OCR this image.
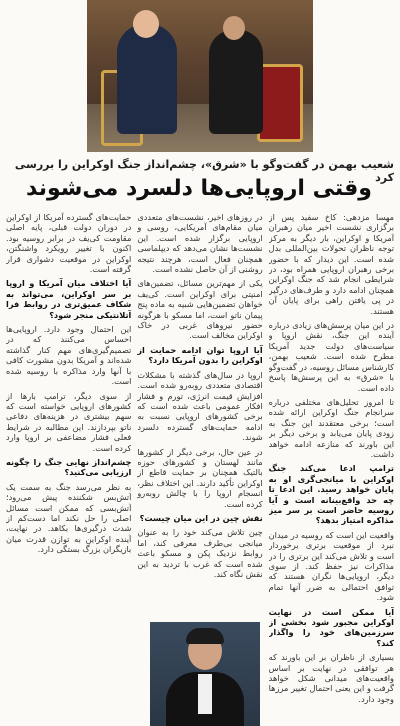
شعیب بهمن در گفت‌وگو با «شرق»، چشم‌انداز جنگ اوکراین را بررسی کرد
وقتی اروپایی‌ها دلسرد می‌شوند

مهسا مزدهی: کاخ سفید پس از برگزاری نشست اخیر میان رهبران آمریکا و اوکراین، بار دیگر به مرکز توجه ناظران تحولات بین‌المللی بدل شده است. این دیدار که با حضور برخی رهبران اروپایی همراه بود، در شرایطی انجام شد که جنگ اوکراین همچنان ادامه دارد و طرف‌های درگیر در پی یافتن راهی برای پایان آن هستند.

در این میان پرسش‌های زیادی درباره آینده این جنگ، نقش اروپا و سیاست‌های دولت جدید آمریکا مطرح شده است. شعیب بهمن، کارشناس مسائل روسیه، در گفت‌وگو با «شرق» به این پرسش‌ها پاسخ داده است.

تا امروز تحلیل‌های مختلفی درباره سرانجام جنگ اوکراین ارائه شده است؛ برخی معتقدند این جنگ به زودی پایان می‌یابد و برخی دیگر بر این باورند که منازعه ادامه خواهد داشت.

ترامپ ادعا می‌کند جنگ اوکراین با میانجی‌گری او به پایان خواهد رسید. این ادعا تا چه حد واقع‌بینانه است و آیا روسیه حاضر است بر سر میز مذاکره امتیاز بدهد؟

واقعیت این است که روسیه در میدان نبرد از موقعیت برتری برخوردار است و تلاش می‌کند این برتری را در مذاکرات نیز حفظ کند. از سوی دیگر، اروپایی‌ها نگران هستند که توافق احتمالی به ضرر آنها تمام شود.

آیا ممکن است در نهایت اوکراین مجبور شود بخشی از سرزمین‌های خود را واگذار کند؟

بسیاری از ناظران بر این باورند که هر توافقی در نهایت بر اساس واقعیت‌های میدانی شکل خواهد گرفت و این یعنی احتمال تغییر مرزها وجود دارد.

در روزهای اخیر، نشست‌های متعددی میان مقام‌های آمریکایی، روسی و اروپایی برگزار شده است. این نشست‌ها نشان می‌دهد که دیپلماسی همچنان فعال است، هرچند نتیجه روشنی از آن حاصل نشده است.

یکی از مهم‌ترین مسائل، تضمین‌های امنیتی برای اوکراین است. کی‌یف خواهان تضمین‌هایی شبیه به ماده پنج پیمان ناتو است، اما مسکو با هرگونه حضور نیروهای غربی در خاک اوکراین مخالف است.

آیا اروپا توان ادامه حمایت از اوکراین را بدون آمریکا دارد؟

اروپا در سال‌های گذشته با مشکلات اقتصادی متعددی روبه‌رو شده است. افزایش قیمت انرژی، تورم و فشار افکار عمومی باعث شده است که برخی کشورهای اروپایی نسبت به ادامه حمایت‌های گسترده دلسرد شوند.

در عین حال، برخی دیگر از کشورها مانند لهستان و کشورهای حوزه بالتیک همچنان بر حمایت قاطع از اوکراین تأکید دارند. این اختلاف نظر، انسجام اروپا را با چالش روبه‌رو کرده است.

نقش چین در این میان چیست؟

چین تلاش می‌کند خود را به عنوان میانجی بی‌طرف معرفی کند، اما روابط نزدیک پکن و مسکو باعث شده است که غرب با تردید به این نقش نگاه کند.

حمایت‌های گسترده آمریکا از اوکراین در دوران دولت قبلی، پایه اصلی مقاومت کی‌یف در برابر روسیه بود. اکنون با تغییر رویکرد واشنگتن، اوکراین در موقعیت دشواری قرار گرفته است.

آیا اختلاف میان آمریکا و اروپا بر سر اوکراین، می‌تواند به شکاف عمیق‌تری در روابط فرا آتلانتیکی منجر شود؟

این احتمال وجود دارد. اروپایی‌ها احساس می‌کنند که در تصمیم‌گیری‌های مهم کنار گذاشته شده‌اند و آمریکا بدون مشورت کافی با آنها وارد مذاکره با روسیه شده است.

از سوی دیگر، ترامپ بارها از کشورهای اروپایی خواسته است که سهم بیشتری در هزینه‌های دفاعی ناتو بپردازند. این مطالبه در شرایط فعلی فشار مضاعفی بر اروپا وارد کرده است.

چشم‌انداز نهایی جنگ را چگونه ارزیابی می‌کنید؟

به نظر می‌رسد جنگ به سمت یک آتش‌بس شکننده پیش می‌رود؛ آتش‌بسی که ممکن است مسائل اصلی را حل نکند اما دست‌کم از شدت درگیری‌ها بکاهد. در نهایت، آینده اوکراین به توازن قدرت میان بازیگران بزرگ بستگی دارد.
